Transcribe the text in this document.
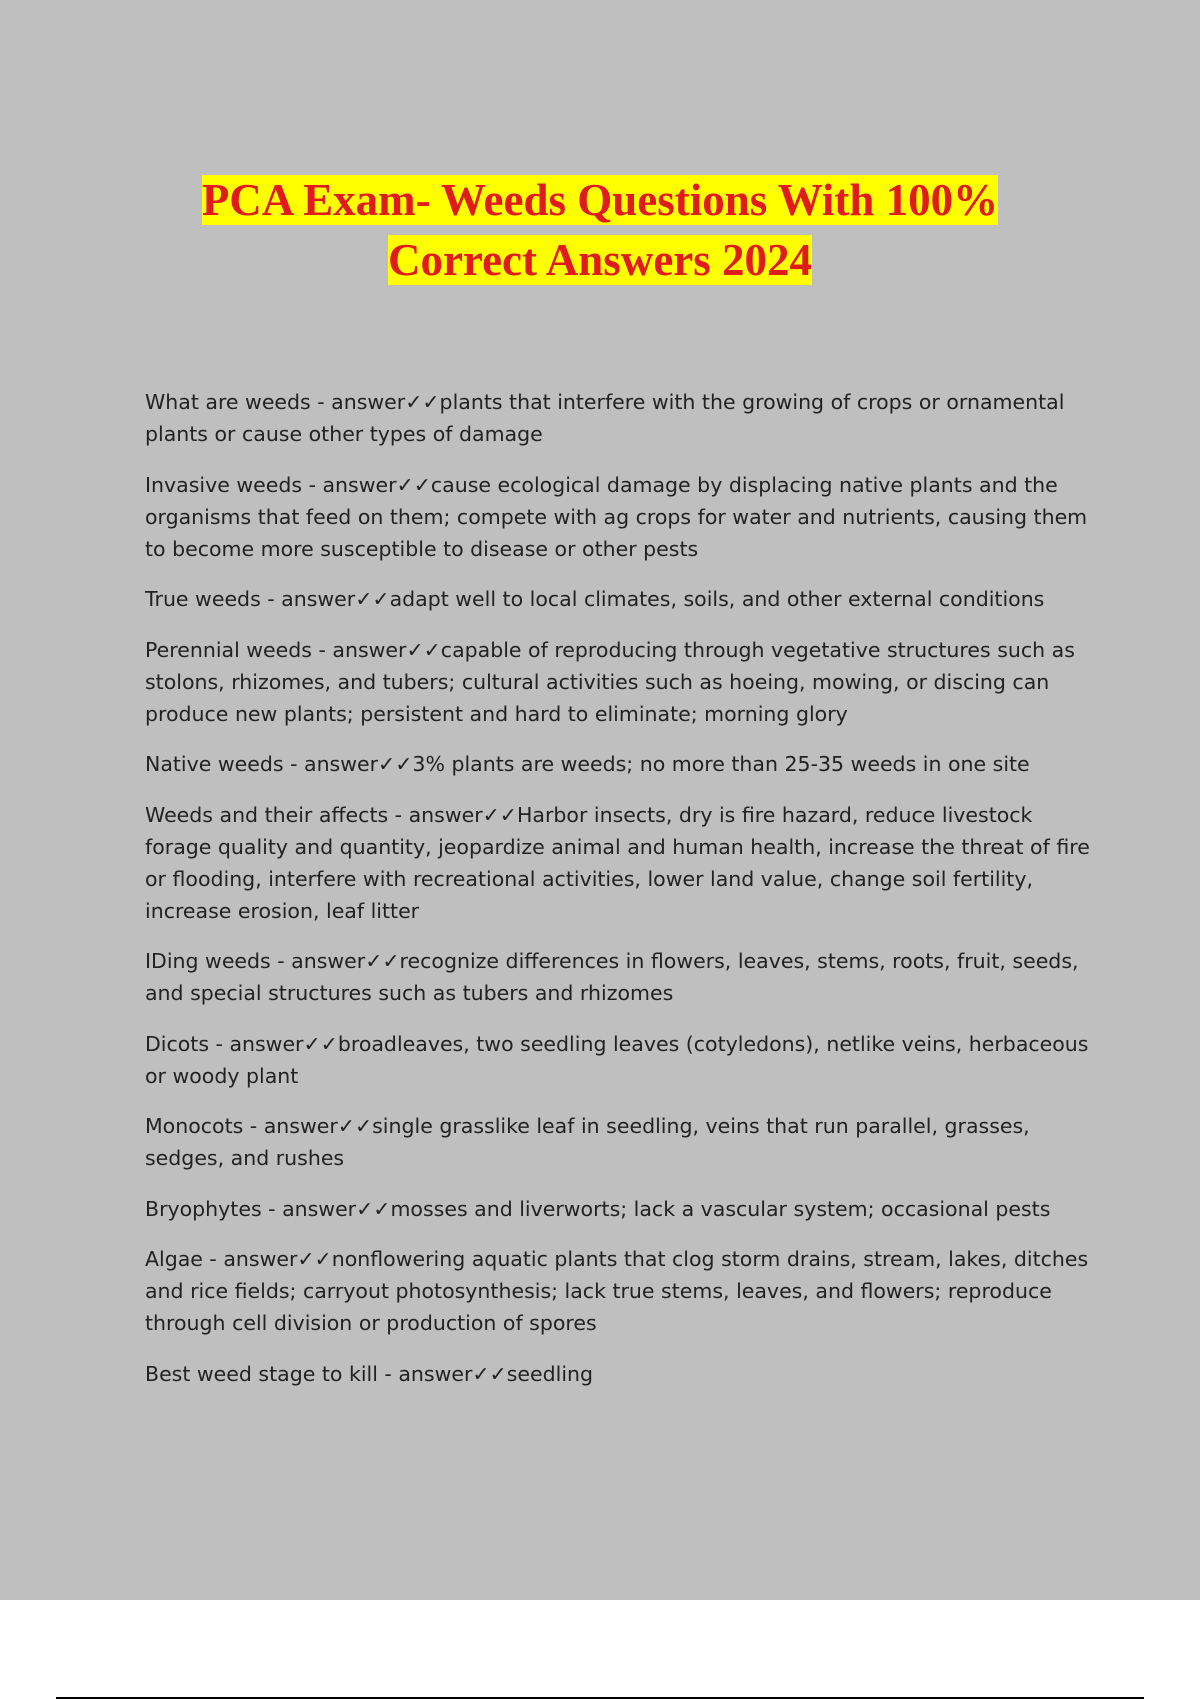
PCA Exam- Weeds Questions With 100%
Correct Answers 2024
What are weeds - answer✓✓plants that interfere with the growing of crops or ornamental plants or cause other types of damage
Invasive weeds - answer✓✓cause ecological damage by displacing native plants and the organisms that feed on them; compete with ag crops for water and nutrients, causing them to become more susceptible to disease or other pests
True weeds - answer✓✓adapt well to local climates, soils, and other external conditions
Perennial weeds - answer✓✓capable of reproducing through vegetative structures such as stolons, rhizomes, and tubers; cultural activities such as hoeing, mowing, or discing can produce new plants; persistent and hard to eliminate; morning glory
Native weeds - answer✓✓3% plants are weeds; no more than 25-35 weeds in one site
Weeds and their affects - answer✓✓Harbor insects, dry is fire hazard, reduce livestock forage quality and quantity, jeopardize animal and human health, increase the threat of fire or flooding, interfere with recreational activities, lower land value, change soil fertility, increase erosion, leaf litter
IDing weeds - answer✓✓recognize differences in flowers, leaves, stems, roots, fruit, seeds, and special structures such as tubers and rhizomes
Dicots - answer✓✓broadleaves, two seedling leaves (cotyledons), netlike veins, herbaceous or woody plant
Monocots - answer✓✓single grasslike leaf in seedling, veins that run parallel, grasses, sedges, and rushes
Bryophytes - answer✓✓mosses and liverworts; lack a vascular system; occasional pests
Algae - answer✓✓nonflowering aquatic plants that clog storm drains, stream, lakes, ditches and rice fields; carryout photosynthesis; lack true stems, leaves, and flowers; reproduce through cell division or production of spores
Best weed stage to kill - answer✓✓seedling
